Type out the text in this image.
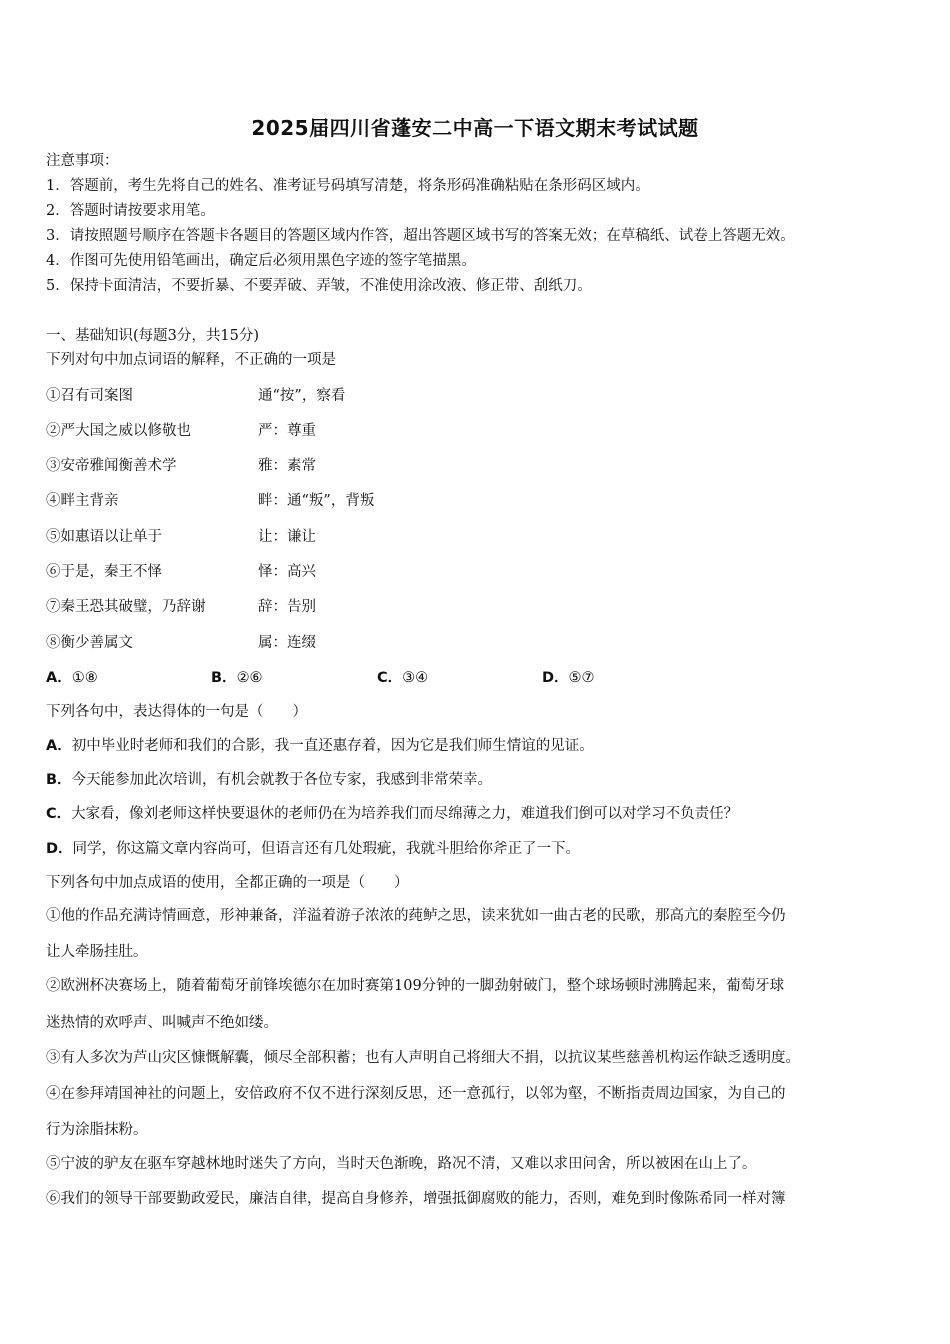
2025届四川省蓬安二中高一下语文期末考试试题
注意事项：
1．答题前，考生先将自己的姓名、准考证号码填写清楚，将条形码准确粘贴在条形码区域内。
2．答题时请按要求用笔。
3．请按照题号顺序在答题卡各题目的答题区域内作答，超出答题区域书写的答案无效；在草稿纸、试卷上答题无效。
4．作图可先使用铅笔画出，确定后必须用黑色字迹的签字笔描黑。
5．保持卡面清洁，不要折暴、不要弄破、弄皱，不准使用涂改液、修正带、刮纸刀。
一、基础知识(每题3分，共15分)
下列对句中加点词语的解释，不正确的一项是
①召有司案图	通“按”，察看
②严大国之威以修敬也	严：尊重
③安帝雅闻衡善术学	雅：素常
④畔主背亲	畔：通“叛”，背叛
⑤如惠语以让单于	让：谦让
⑥于是，秦王不怿	怿：高兴
⑦秦王恐其破璧，乃辞谢	辞：告别
⑧衡少善属文	属：连缀
A．①⑧	B．②⑥	C．③④	D．⑤⑦
下列各句中，表达得体的一句是（　　）
A．初中毕业时老师和我们的合影，我一直还惠存着，因为它是我们师生情谊的见证。
B．今天能参加此次培训，有机会就教于各位专家，我感到非常荣幸。
C．大家看，像刘老师这样快要退休的老师仍在为培养我们而尽绵薄之力，难道我们倒可以对学习不负责任？
D．同学，你这篇文章内容尚可，但语言还有几处瑕疵，我就斗胆给你斧正了一下。
下列各句中加点成语的使用，全都正确的一项是（　　）
①他的作品充满诗情画意，形神兼备，洋溢着游子浓浓的莼鲈之思，读来犹如一曲古老的民歌，那高亢的秦腔至今仍
让人牵肠挂肚。
②欧洲杯决赛场上，随着葡萄牙前锋埃德尔在加时赛第109分钟的一脚劲射破门，整个球场顿时沸腾起来，葡萄牙球
迷热情的欢呼声、叫喊声不绝如缕。
③有人多次为芦山灾区慷慨解囊，倾尽全部积蓄；也有人声明自己将细大不捐，以抗议某些慈善机构运作缺乏透明度。
④在参拜靖国神社的问题上，安倍政府不仅不进行深刻反思，还一意孤行，以邻为壑，不断指责周边国家，为自己的
行为涂脂抹粉。
⑤宁波的驴友在驱车穿越林地时迷失了方向，当时天色渐晚，路况不清，又难以求田问舍，所以被困在山上了。
⑥我们的领导干部要勤政爱民，廉洁自律，提高自身修养，增强抵御腐败的能力，否则，难免到时像陈希同一样对簿
